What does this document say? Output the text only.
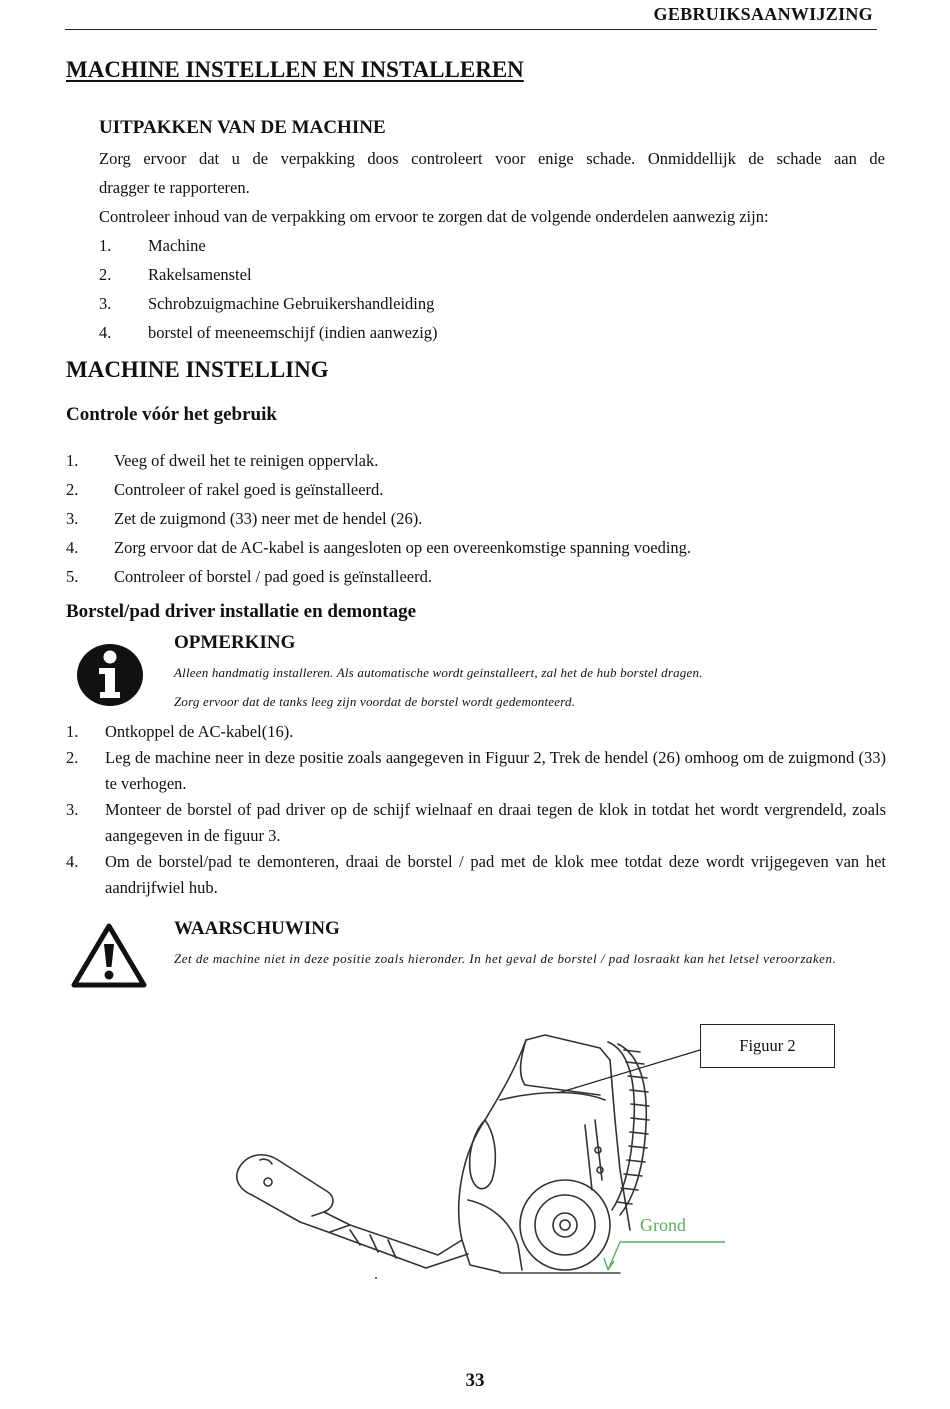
GEBRUIKSAANWIJZING
MACHINE INSTELLEN EN INSTALLEREN
UITPAKKEN VAN DE MACHINE
Zorg ervoor dat u de verpakking doos controleert voor enige schade. Onmiddellijk de schade aan de
dragger te rapporteren.
Controleer inhoud van de verpakking om ervoor te zorgen dat de volgende onderdelen aanwezig zijn:
1. Machine
2. Rakelsamenstel
3. Schrobzuigmachine Gebruikershandleiding
4. borstel of meeneemschijf (indien aanwezig)
MACHINE INSTELLING
Controle vóór het gebruik
1. Veeg of dweil het te reinigen oppervlak.
2. Controleer of rakel goed is geïnstalleerd.
3. Zet de zuigmond (33) neer met de hendel (26).
4. Zorg ervoor dat de AC-kabel is aangesloten op een overeenkomstige spanning voeding.
5. Controleer of borstel / pad goed is geïnstalleerd.
Borstel/pad driver installatie en demontage
OPMERKING
Alleen handmatig installeren. Als automatische wordt geinstalleert, zal het de hub borstel dragen.
Zorg ervoor dat de tanks leeg zijn voordat de borstel wordt gedemonteerd.
1. Ontkoppel de AC-kabel(16).
2. Leg de machine neer in deze positie zoals aangegeven in Figuur 2, Trek de hendel (26) omhoog om de zuigmond (33) te verhogen.
3. Monteer de borstel of pad driver op de schijf wielnaaf en draai tegen de klok in totdat het wordt vergrendeld, zoals aangegeven in de figuur 3.
4. Om de borstel/pad te demonteren, draai de borstel / pad met de klok mee totdat deze wordt vrijgegeven van het aandrijfwiel hub.
WAARSCHUWING
Zet de machine niet in deze positie zoals hieronder. In het geval de borstel / pad losraakt kan het letsel veroorzaken.
Figuur 2
Grond
33
